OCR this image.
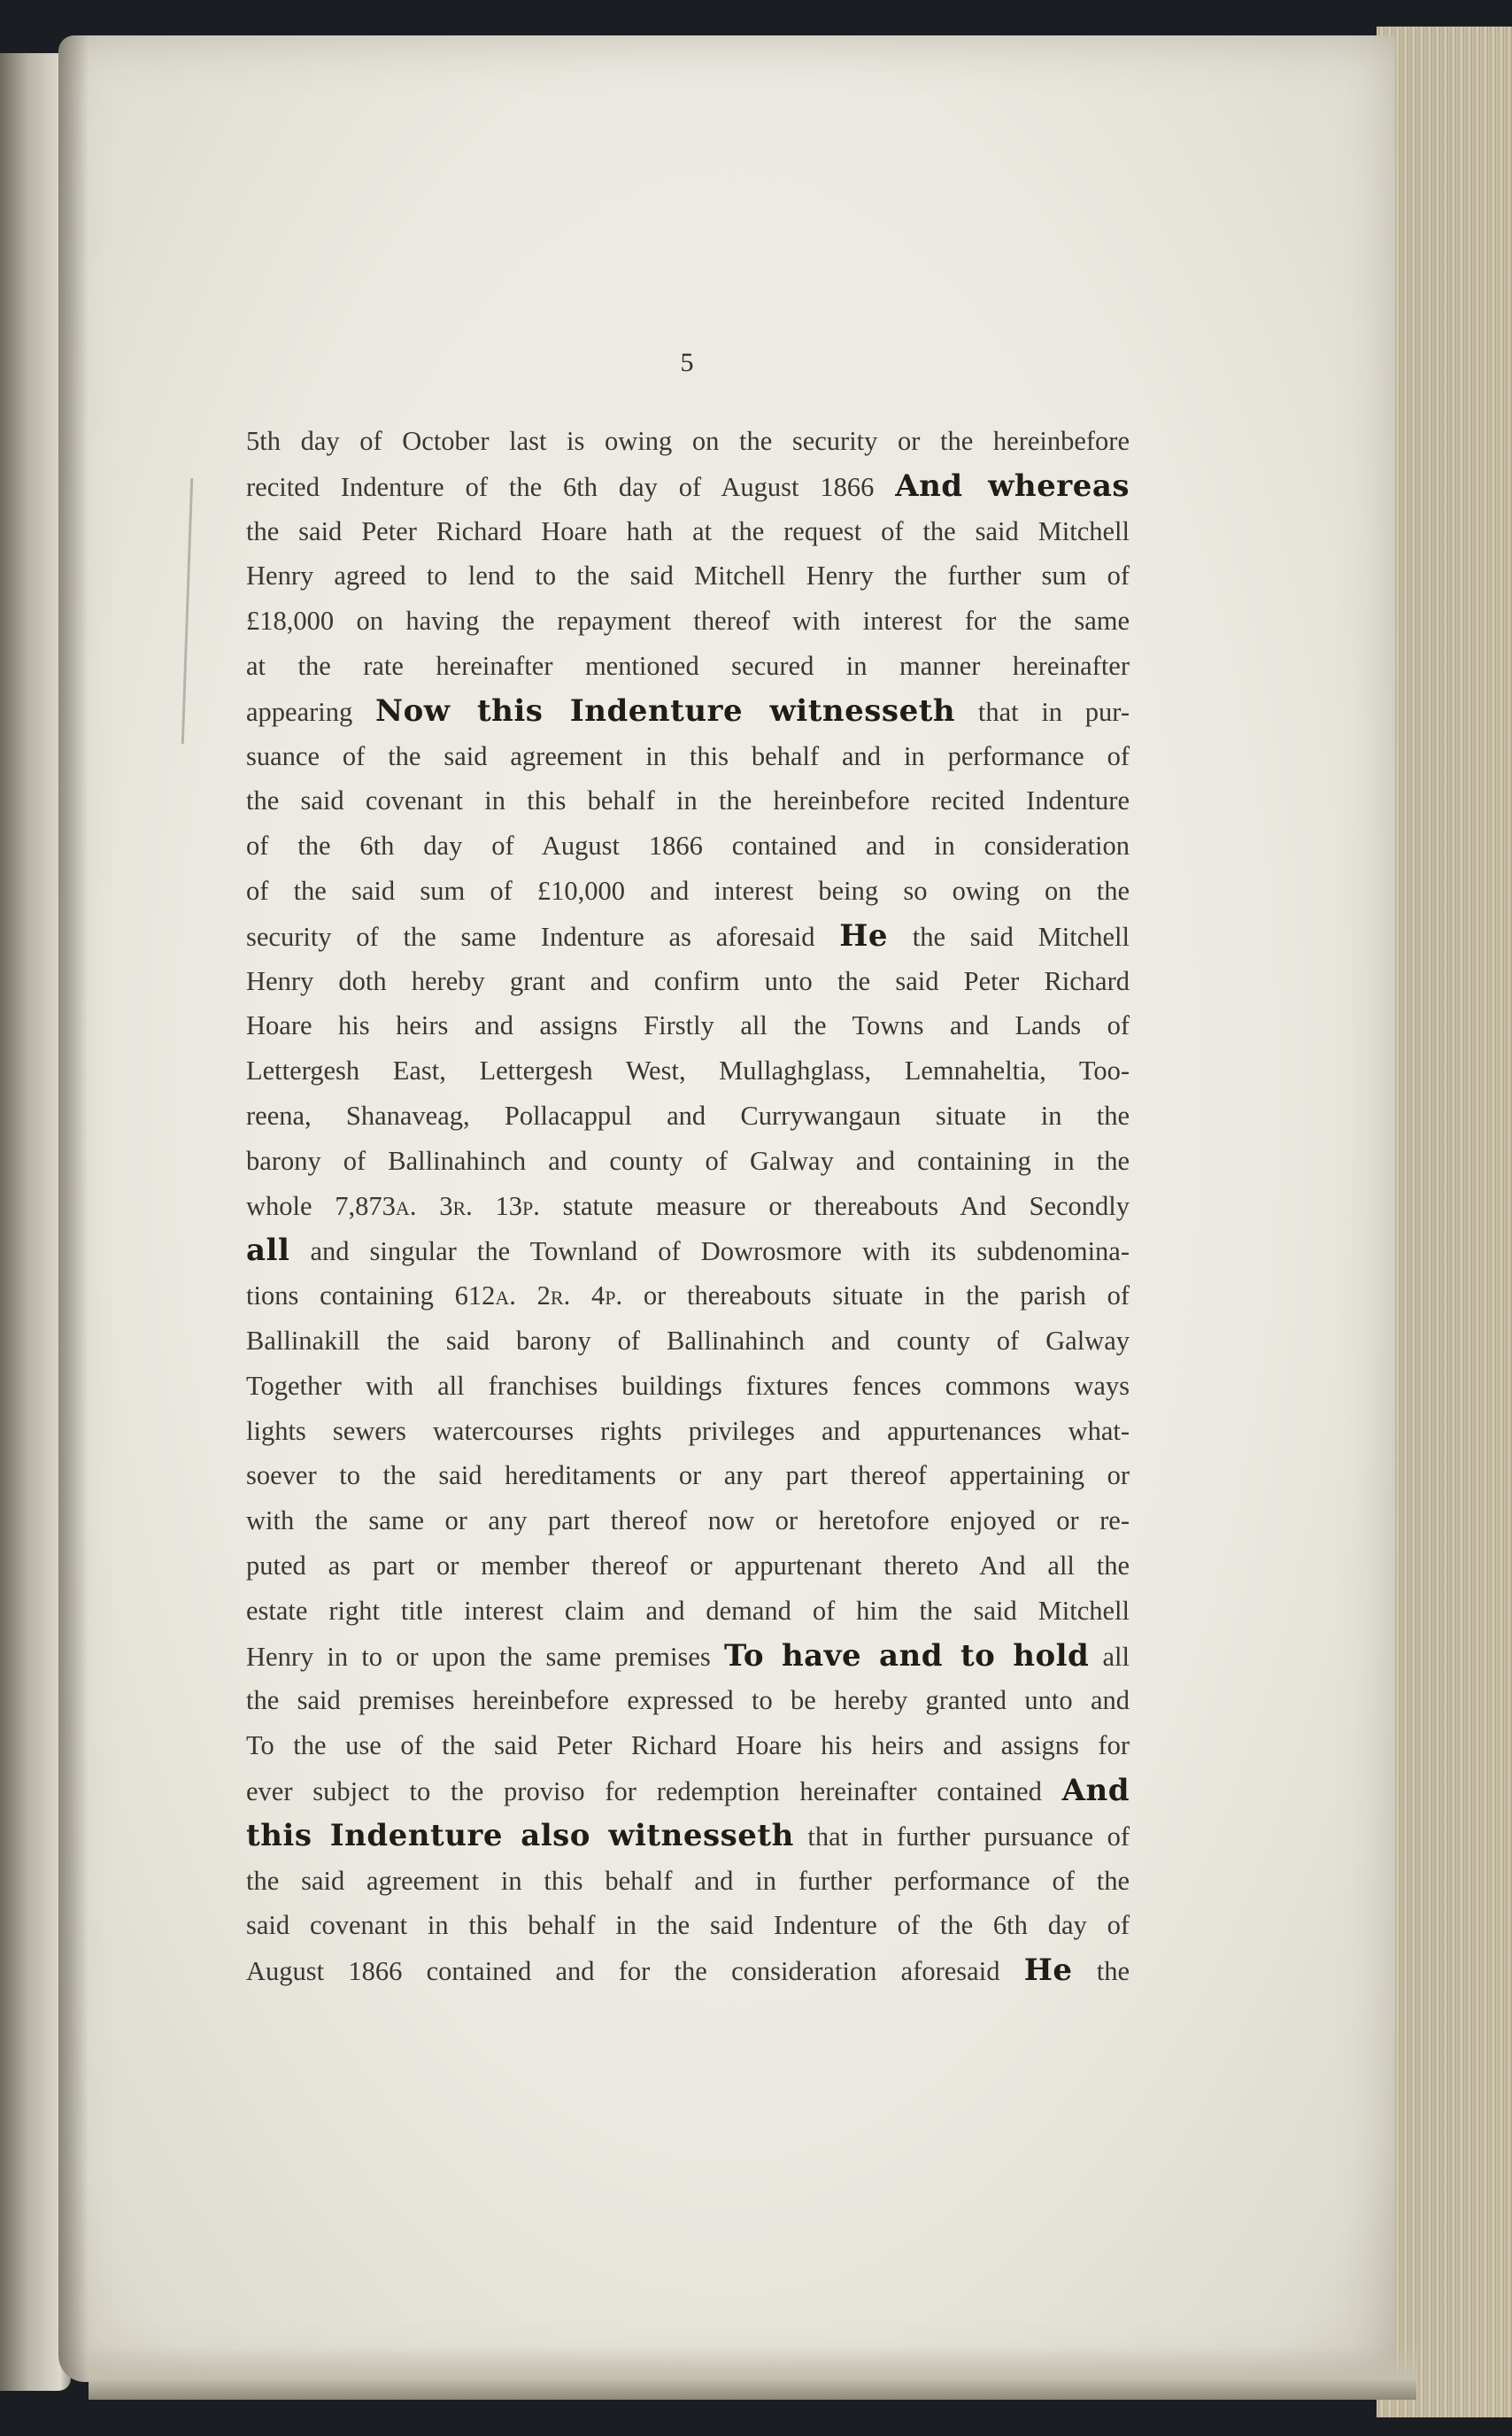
5
5th day of October last is owing on the security or the hereinbefore
recited Indenture of the 6th day of August 1866 And whereas
the said Peter Richard Hoare hath at the request of the said Mitchell
Henry agreed to lend to the said Mitchell Henry the further sum of
£18,000 on having the repayment thereof with interest for the same
at the rate hereinafter mentioned secured in manner hereinafter
appearing Now this Indenture witnesseth that in pur-
suance of the said agreement in this behalf and in performance of
the said covenant in this behalf in the hereinbefore recited Indenture
of the 6th day of August 1866 contained and in consideration
of the said sum of £10,000 and interest being so owing on the
security of the same Indenture as aforesaid He the said Mitchell
Henry doth hereby grant and confirm unto the said Peter Richard
Hoare his heirs and assigns Firstly all the Towns and Lands of
Lettergesh East, Lettergesh West, Mullaghglass, Lemnaheltia, Too-
reena, Shanaveag, Pollacappul and Currywangaun situate in the
barony of Ballinahinch and county of Galway and containing in the
whole 7,873A. 3R. 13P. statute measure or thereabouts And Secondly
all and singular the Townland of Dowrosmore with its subdenomina-
tions containing 612A. 2R. 4P. or thereabouts situate in the parish of
Ballinakill the said barony of Ballinahinch and county of Galway
Together with all franchises buildings fixtures fences commons ways
lights sewers watercourses rights privileges and appurtenances what-
soever to the said hereditaments or any part thereof appertaining or
with the same or any part thereof now or heretofore enjoyed or re-
puted as part or member thereof or appurtenant thereto And all the
estate right title interest claim and demand of him the said Mitchell
Henry in to or upon the same premises To have and to hold all
the said premises hereinbefore expressed to be hereby granted unto and
To the use of the said Peter Richard Hoare his heirs and assigns for
ever subject to the proviso for redemption hereinafter contained And
this Indenture also witnesseth that in further pursuance of
the said agreement in this behalf and in further performance of the
said covenant in this behalf in the said Indenture of the 6th day of
August 1866 contained and for the consideration aforesaid He the
